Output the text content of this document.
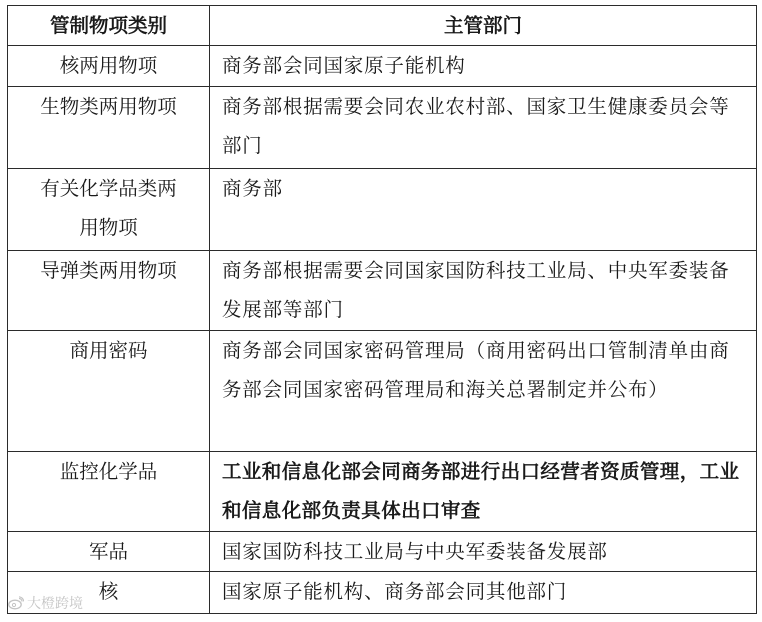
管制物项类别	主管部门
核两用物项	商务部会同国家原子能机构
生物类两用物项	商务部根据需要会同农业农村部、国家卫生健康委员会等部门
有关化学品类两用物项	商务部
导弹类两用物项	商务部根据需要会同国家国防科技工业局、中央军委装备发展部等部门
商用密码	商务部会同国家密码管理局（商用密码出口管制清单由商务部会同国家密码管理局和海关总署制定并公布）
监控化学品	工业和信息化部会同商务部进行出口经营者资质管理，工业和信息化部负责具体出口审查
军品	国家国防科技工业局与中央军委装备发展部
核	国家原子能机构、商务部会同其他部门
大橙跨境
